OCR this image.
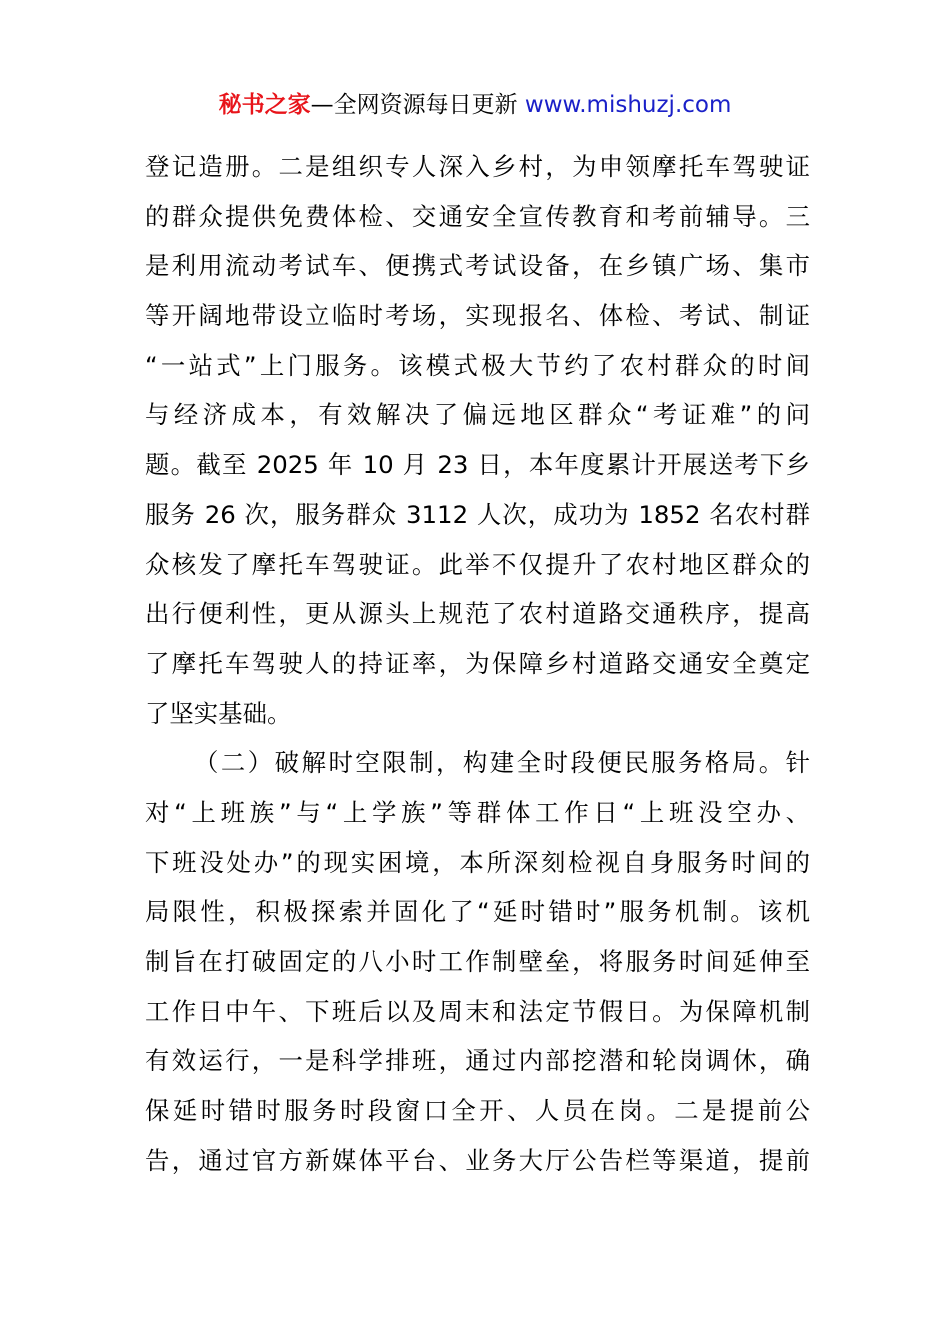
秘书之家—全网资源每日更新 www.mishuzj.com
登记造册。二是组织专人深入乡村，为申领摩托车驾驶证
的群众提供免费体检、交通安全宣传教育和考前辅导。三
是利用流动考试车、便携式考试设备，在乡镇广场、集市
等开阔地带设立临时考场，实现报名、体检、考试、制证
“一站式”上门服务。该模式极大节约了农村群众的时间
与经济成本，有效解决了偏远地区群众“考证难”的问
题。截至 2025 年 10 月 23 日，本年度累计开展送考下乡
服务 26 次，服务群众 3112 人次，成功为 1852 名农村群
众核发了摩托车驾驶证。此举不仅提升了农村地区群众的
出行便利性，更从源头上规范了农村道路交通秩序，提高
了摩托车驾驶人的持证率，为保障乡村道路交通安全奠定
了坚实基础。
（二）破解时空限制，构建全时段便民服务格局。针
对“上班族”与“上学族”等群体工作日“上班没空办、
下班没处办”的现实困境，本所深刻检视自身服务时间的
局限性，积极探索并固化了“延时错时”服务机制。该机
制旨在打破固定的八小时工作制壁垒，将服务时间延伸至
工作日中午、下班后以及周末和法定节假日。为保障机制
有效运行，一是科学排班，通过内部挖潜和轮岗调休，确
保延时错时服务时段窗口全开、人员在岗。二是提前公
告，通过官方新媒体平台、业务大厅公告栏等渠道，提前
